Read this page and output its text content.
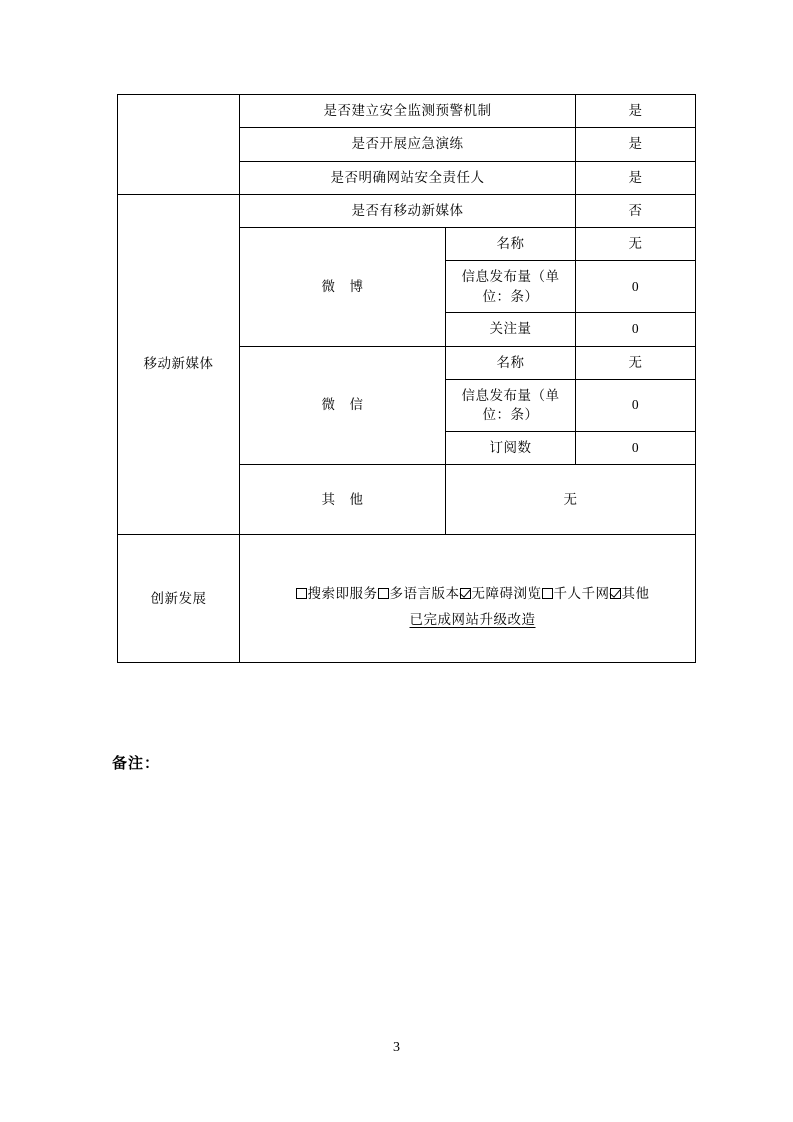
	是否建立安全监测预警机制		是

	是否开展应急演练		是

	是否明确网站安全责任人		是

移动新媒体	是否有移动新媒体		否

	微　博	名称	无

		信息发布量（单位：条）	0

		关注量	0

	微　信	名称	无

		信息发布量（单位：条）	0

		订阅数	0

	其　他	无	

创新发展	搜索即服务 多语言版本 无障碍浏览 千人千网 其他
已完成网站升级改造		
备注：
3
